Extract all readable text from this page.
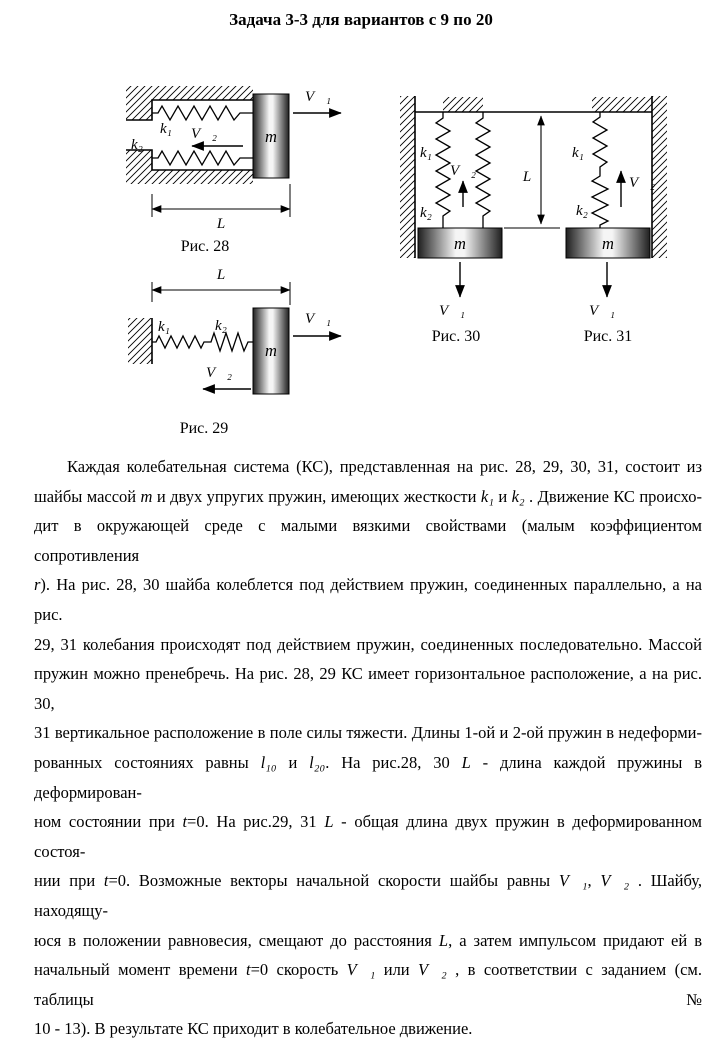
Задача 3-3 для вариантов с 9 по 20
m
V⃗₁
V⃗₂
k₁
k₂
L
Рис. 28
L
k₁	k₂
m
V⃗₁
V⃗₂
Рис. 29
k₁
k₂
V⃗₂
m
V⃗₁
L
Рис. 30
k₁
k₂
V⃗₂
m
V⃗₁
Рис. 31
Каждая колебательная система (КС), представленная на рис. 28, 29, 30, 31, состоит из
шайбы массой m и двух упругих пружин, имеющих жесткости k₁ и k₂ . Движение КС происхо-
дит в окружающей среде с малыми вязкими свойствами (малым коэффициентом сопротивления
r). На рис. 28, 30 шайба колеблется под действием пружин, соединенных параллельно, а на рис.
29, 31 колебания происходят под действием пружин, соединенных последовательно. Массой
пружин можно пренебречь. На рис. 28, 29 КС имеет горизонтальное расположение, а на рис. 30,
31 вертикальное расположение в поле силы тяжести. Длины 1-ой и 2-ой пружин в недеформи-
рованных состояниях равны l₁₀ и l₂₀. На рис.28, 30 L - длина каждой пружины в деформирован-
ном состоянии при t=0. На рис.29, 31 L - общая длина двух пружин в деформированном состоя-
нии при t=0. Возможные векторы начальной скорости шайбы равны V⃗₁, V⃗₂ . Шайбу, находящу-
юся в положении равновесия, смещают до расстояния L, а затем импульсом придают ей в
начальный момент времени t=0 скорость V⃗₁ или V⃗₂ , в соответствии с заданием (см. таблицы №
10 - 13). В результате КС приходит в колебательное движение.
